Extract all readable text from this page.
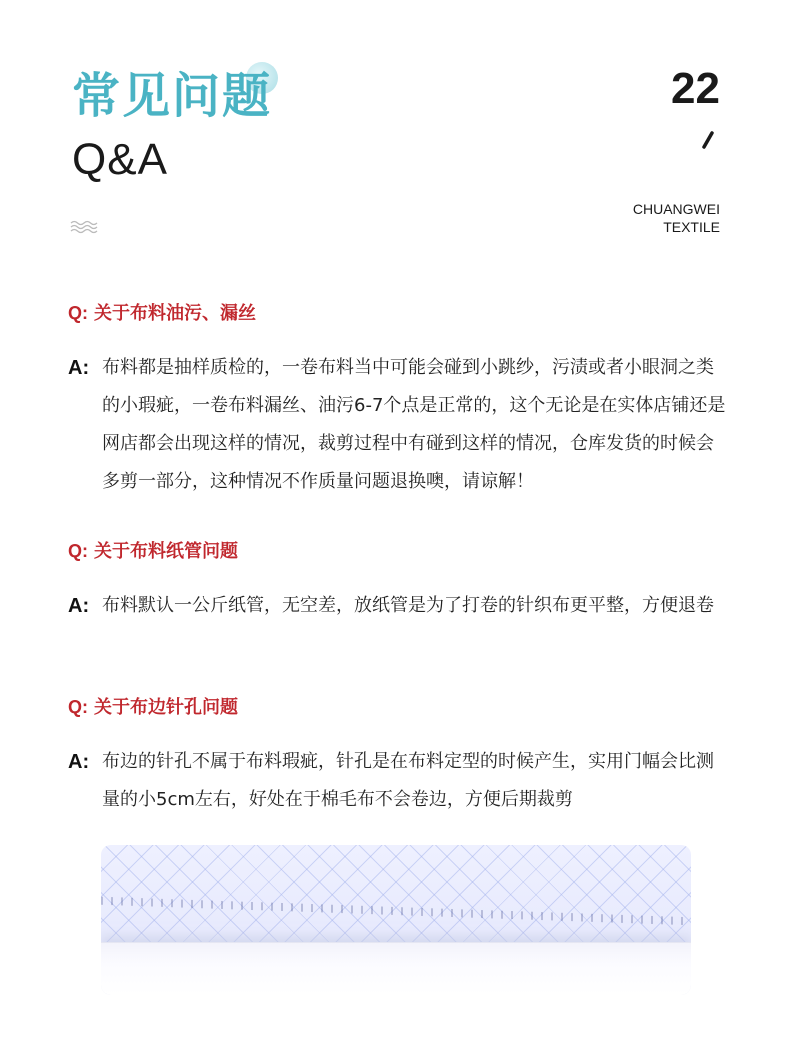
常见问题
Q&A
22
CHUANGWEI
TEXTILE
Q: 关于布料油污、漏丝
A: 布料都是抽样质检的，一卷布料当中可能会碰到小跳纱，污渍或者小眼洞之类的小瑕疵，一卷布料漏丝、油污6-7个点是正常的，这个无论是在实体店铺还是网店都会出现这样的情况，裁剪过程中有碰到这样的情况，仓库发货的时候会多剪一部分，这种情况不作质量问题退换噢，请谅解！
Q: 关于布料纸管问题
A: 布料默认一公斤纸管，无空差，放纸管是为了打卷的针织布更平整，方便退卷
Q: 关于布边针孔问题
A: 布边的针孔不属于布料瑕疵，针孔是在布料定型的时候产生，实用门幅会比测量的小5cm左右，好处在于棉毛布不会卷边，方便后期裁剪
